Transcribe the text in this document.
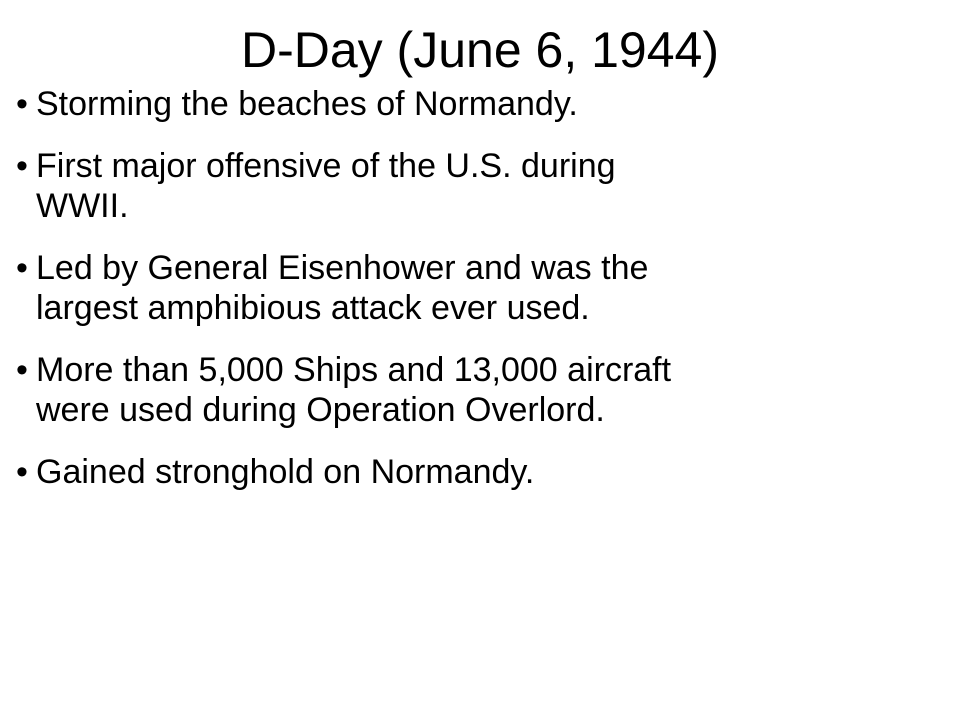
D-Day (June 6, 1944)
• Storming the beaches of Normandy.
• First major offensive of the U.S. during
WWII.
• Led by General Eisenhower and was the
largest amphibious attack ever used.
• More than 5,000 Ships and 13,000 aircraft
were used during Operation Overlord.
• Gained stronghold on Normandy.
